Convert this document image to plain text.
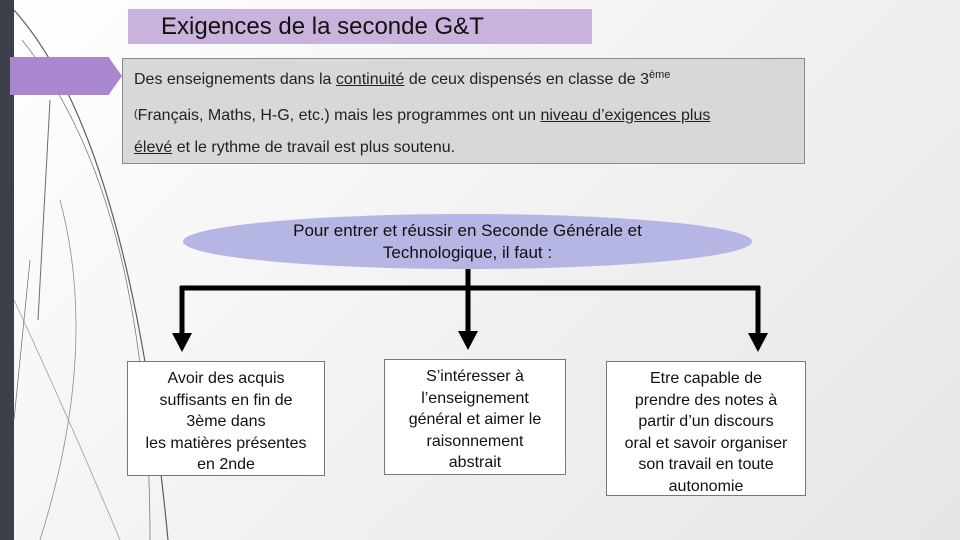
Exigences de la seconde G&T
Des enseignements dans la continuité de ceux dispensés en classe de 3ème
(Français, Maths, H-G, etc.) mais les programmes ont un niveau d’exigences plus
élevé et le rythme de travail est plus soutenu.
Pour entrer et réussir en Seconde Générale et
Technologique, il faut :
Avoir des acquis
suffisants en fin de
3ème dans
les matières présentes
en 2nde
S’intéresser à
l’enseignement
général et aimer le
raisonnement
abstrait
Etre capable de
prendre des notes à
partir d’un discours
oral et savoir organiser
son travail en toute
autonomie
